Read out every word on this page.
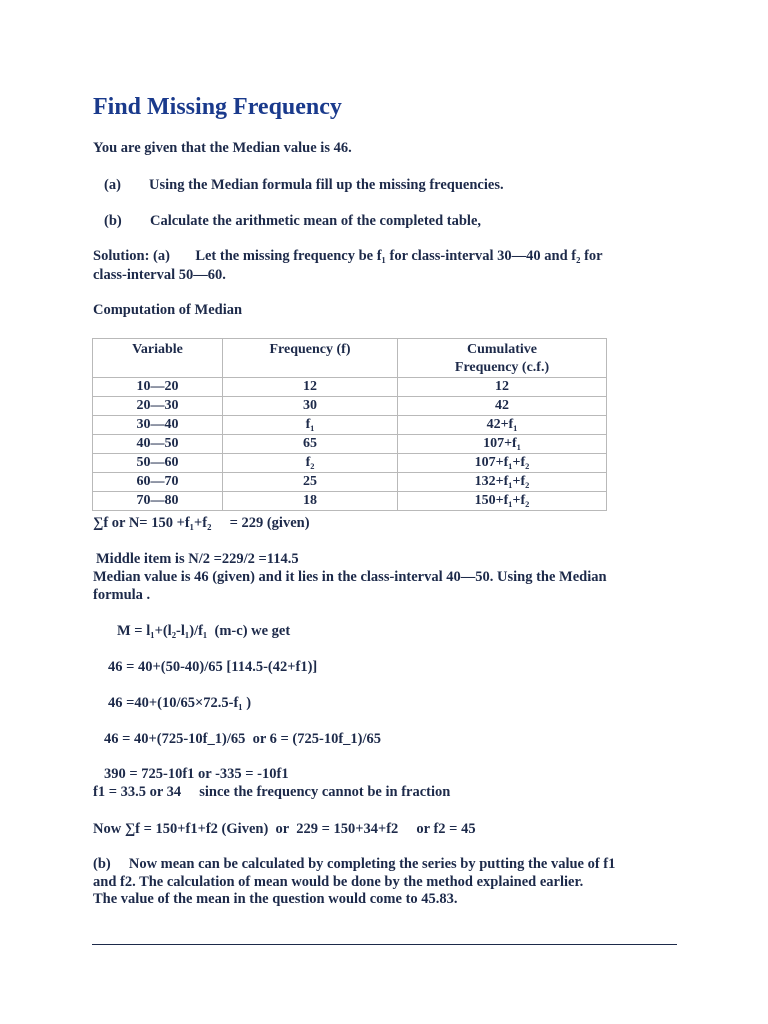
Find Missing Frequency
You are given that the Median value is 46.
(a) Using the Median formula fill up the missing frequencies.
(b) Calculate the arithmetic mean of the completed table,
Solution: (a)       Let the missing frequency be f₁ for class-interval 30—40 and f₂ for
class-interval 50—60.
Computation of Median
Variable	Frequency (f)	Cumulative Frequency (c.f.)
10—20	12	12
20—30	30	42
30—40	f₁	42+f₁
40—50	65	107+f₁
50—60	f₂	107+f₁+f₂
60—70	25	132+f₁+f₂
70—80	18	150+f₁+f₂
∑f or N= 150 +f₁+f₂     = 229 (given)
Middle item is N/2 =229/2 =114.5
Median value is 46 (given) and it lies in the class-interval 40—50. Using the Median
formula .
M = l₁+(l₂-l₁)/f₁  (m-c) we get
46 = 40+(50-40)/65 [114.5-(42+f1)]
46 =40+(10/65×72.5-f₁ )
46 = 40+(725-10f_1)/65  or 6 = (725-10f_1)/65
390 = 725-10f1 or -335 = -10f1
f1 = 33.5 or 34     since the frequency cannot be in fraction
Now ∑f = 150+f1+f2 (Given)  or  229 = 150+34+f2     or f2 = 45
(b)     Now mean can be calculated by completing the series by putting the value of f1
and f2. The calculation of mean would be done by the method explained earlier.
The value of the mean in the question would come to 45.83.
